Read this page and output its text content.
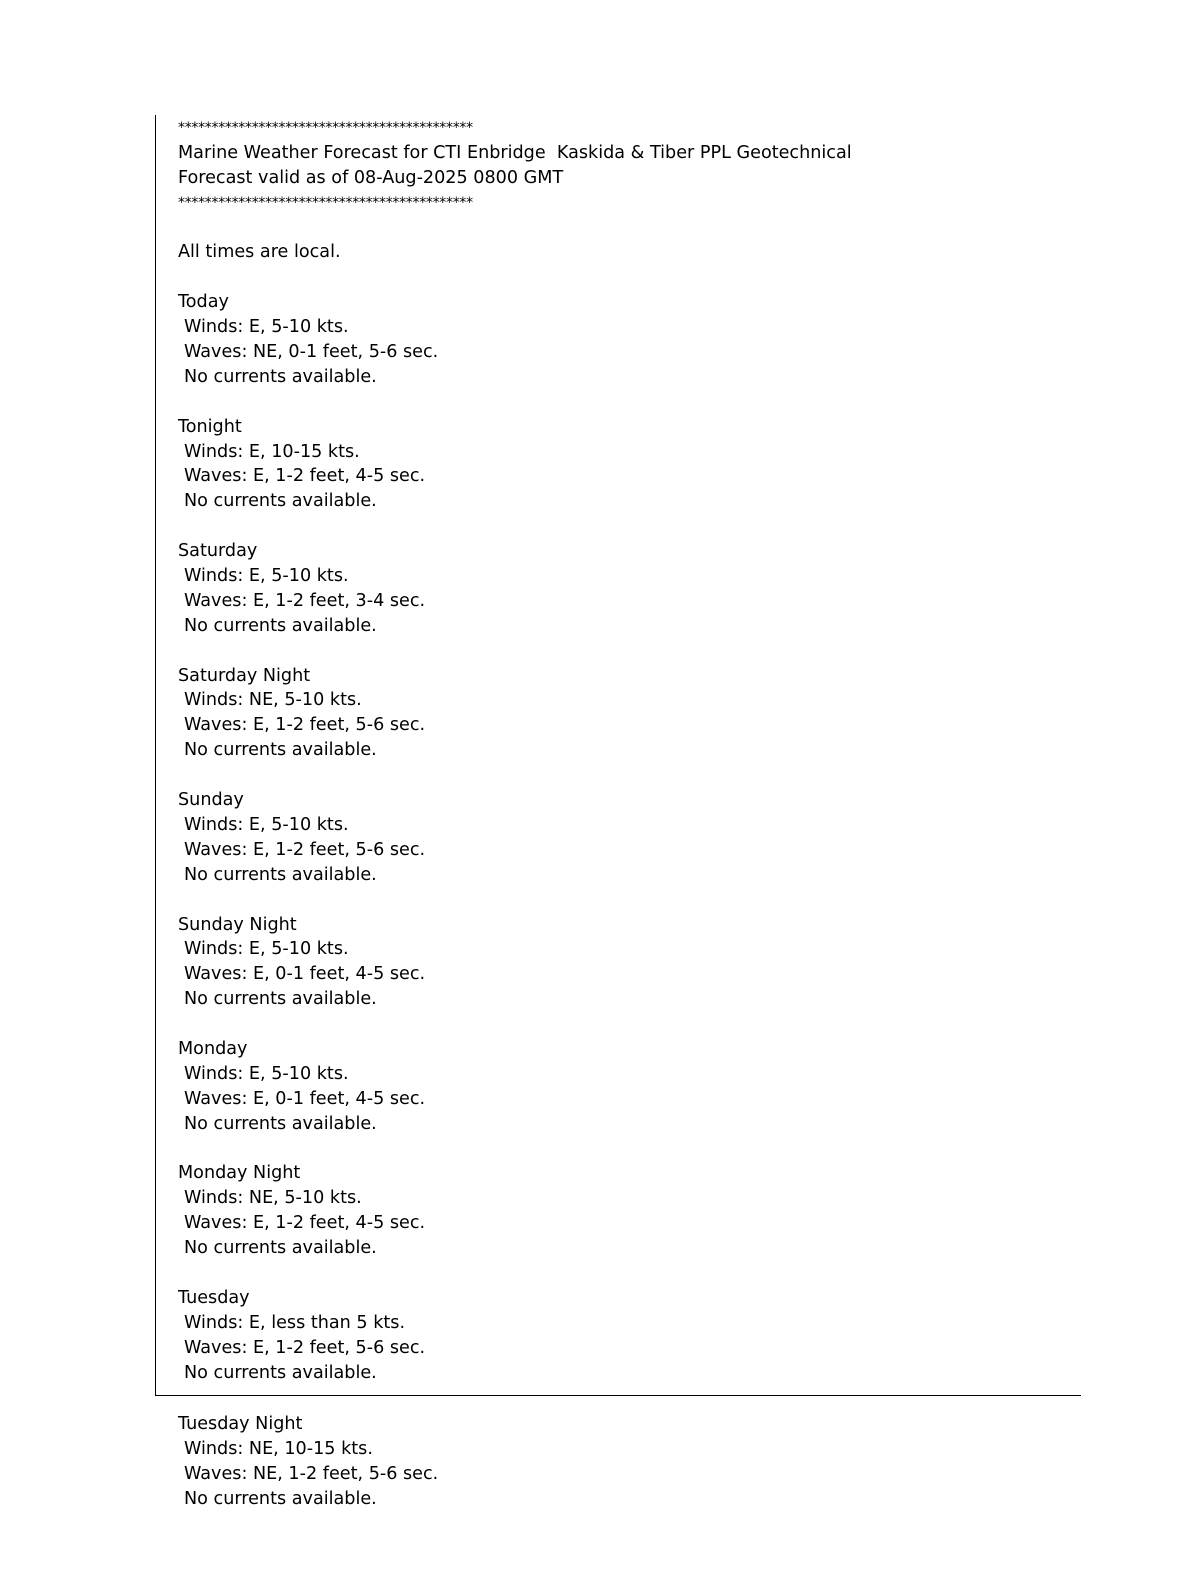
********************************************
Marine Weather Forecast for CTI Enbridge  Kaskida & Tiber PPL Geotechnical
Forecast valid as of 08-Aug-2025 0800 GMT
********************************************
All times are local.
Today
Winds: E, 5-10 kts.
Waves: NE, 0-1 feet, 5-6 sec.
No currents available.
Tonight
Winds: E, 10-15 kts.
Waves: E, 1-2 feet, 4-5 sec.
No currents available.
Saturday
Winds: E, 5-10 kts.
Waves: E, 1-2 feet, 3-4 sec.
No currents available.
Saturday Night
Winds: NE, 5-10 kts.
Waves: E, 1-2 feet, 5-6 sec.
No currents available.
Sunday
Winds: E, 5-10 kts.
Waves: E, 1-2 feet, 5-6 sec.
No currents available.
Sunday Night
Winds: E, 5-10 kts.
Waves: E, 0-1 feet, 4-5 sec.
No currents available.
Monday
Winds: E, 5-10 kts.
Waves: E, 0-1 feet, 4-5 sec.
No currents available.
Monday Night
Winds: NE, 5-10 kts.
Waves: E, 1-2 feet, 4-5 sec.
No currents available.
Tuesday
Winds: E, less than 5 kts.
Waves: E, 1-2 feet, 5-6 sec.
No currents available.
Tuesday Night
Winds: NE, 10-15 kts.
Waves: NE, 1-2 feet, 5-6 sec.
No currents available.
